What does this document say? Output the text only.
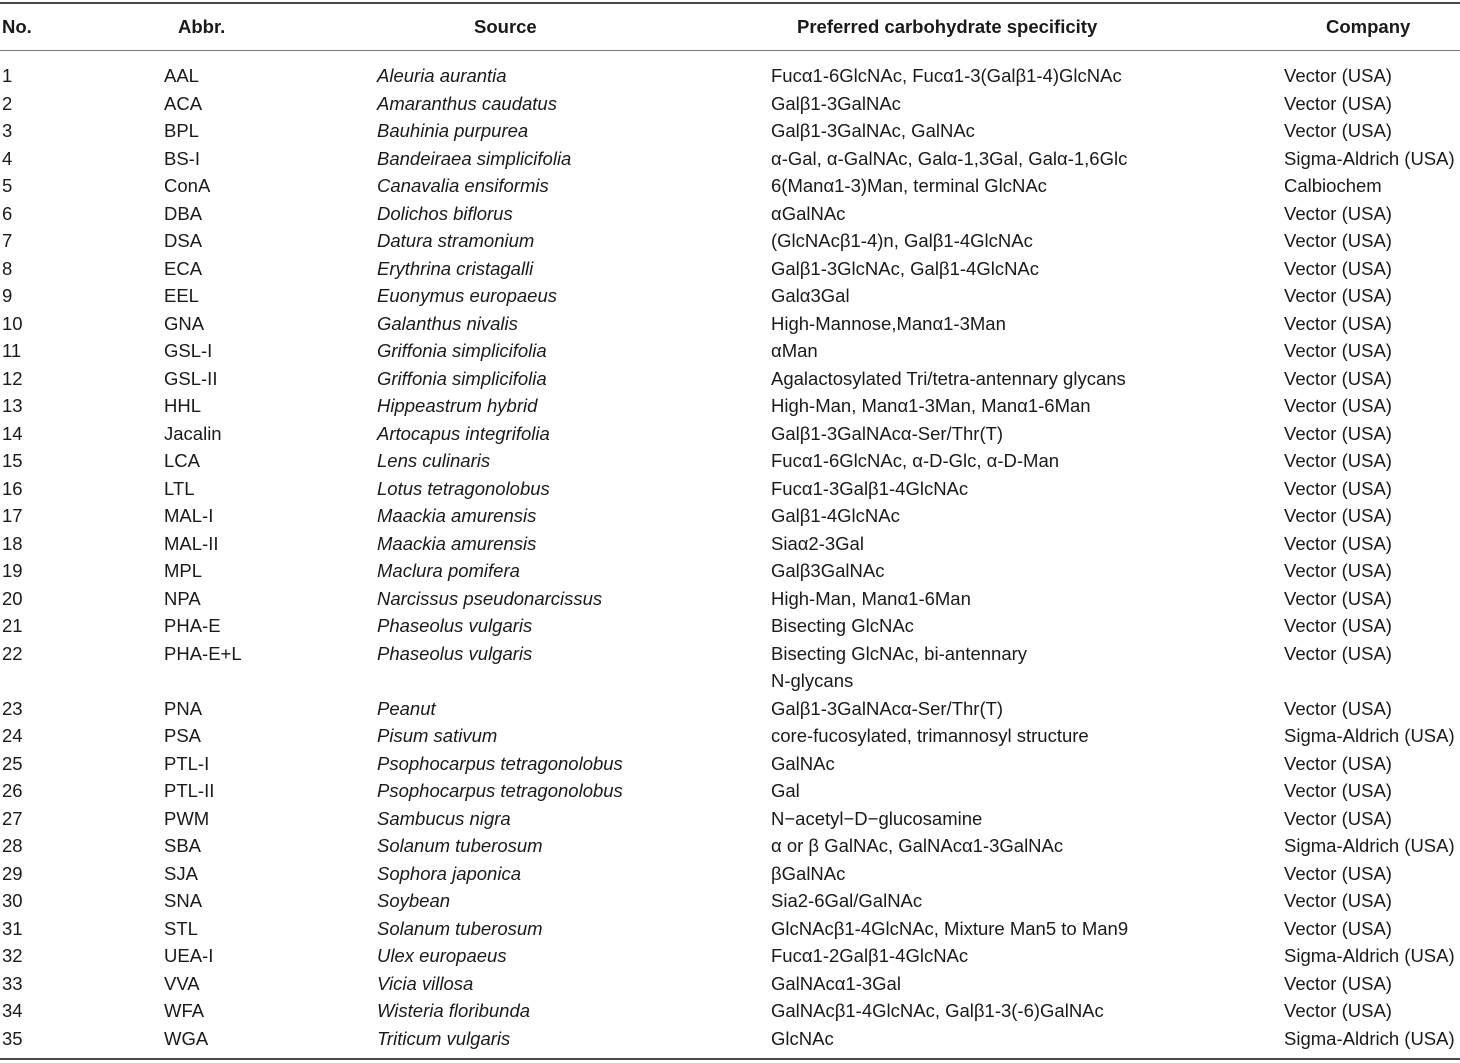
No.	Abbr.	Source	Preferred carbohydrate specificity	Company
1	AAL	Aleuria aurantia	Fucα1-6GlcNAc, Fucα1-3(Galβ1-4)GlcNAc	Vector (USA)
2	ACA	Amaranthus caudatus	Galβ1-3GalNAc	Vector (USA)
3	BPL	Bauhinia purpurea	Galβ1-3GalNAc, GalNAc	Vector (USA)
4	BS-I	Bandeiraea simplicifolia	α-Gal, α-GalNAc, Galα-1,3Gal, Galα-1,6Glc	Sigma-Aldrich (USA)
5	ConA	Canavalia ensiformis	6(Manα1-3)Man, terminal GlcNAc	Calbiochem
6	DBA	Dolichos biflorus	αGalNAc	Vector (USA)
7	DSA	Datura stramonium	(GlcNAcβ1-4)n, Galβ1-4GlcNAc	Vector (USA)
8	ECA	Erythrina cristagalli	Galβ1-3GlcNAc, Galβ1-4GlcNAc	Vector (USA)
9	EEL	Euonymus europaeus	Galα3Gal	Vector (USA)
10	GNA	Galanthus nivalis	High-Mannose,Manα1-3Man	Vector (USA)
11	GSL-I	Griffonia simplicifolia	αMan	Vector (USA)
12	GSL-II	Griffonia simplicifolia	Agalactosylated Tri/tetra-antennary glycans	Vector (USA)
13	HHL	Hippeastrum hybrid	High-Man, Manα1-3Man, Manα1-6Man	Vector (USA)
14	Jacalin	Artocapus integrifolia	Galβ1-3GalNAcα-Ser/Thr(T)	Vector (USA)
15	LCA	Lens culinaris	Fucα1-6GlcNAc, α-D-Glc, α-D-Man	Vector (USA)
16	LTL	Lotus tetragonolobus	Fucα1-3Galβ1-4GlcNAc	Vector (USA)
17	MAL-I	Maackia amurensis	Galβ1-4GlcNAc	Vector (USA)
18	MAL-II	Maackia amurensis	Siaα2-3Gal	Vector (USA)
19	MPL	Maclura pomifera	Galβ3GalNAc	Vector (USA)
20	NPA	Narcissus pseudonarcissus	High-Man, Manα1-6Man	Vector (USA)
21	PHA-E	Phaseolus vulgaris	Bisecting GlcNAc	Vector (USA)
22	PHA-E+L	Phaseolus vulgaris	Bisecting GlcNAc, bi-antennary	Vector (USA)
N-glycans
23	PNA	Peanut	Galβ1-3GalNAcα-Ser/Thr(T)	Vector (USA)
24	PSA	Pisum sativum	core-fucosylated, trimannosyl structure	Sigma-Aldrich (USA)
25	PTL-I	Psophocarpus tetragonolobus	GalNAc	Vector (USA)
26	PTL-II	Psophocarpus tetragonolobus	Gal	Vector (USA)
27	PWM	Sambucus nigra	N−acetyl−D−glucosamine	Vector (USA)
28	SBA	Solanum tuberosum	α or β GalNAc, GalNAcα1-3GalNAc	Sigma-Aldrich (USA)
29	SJA	Sophora japonica	βGalNAc	Vector (USA)
30	SNA	Soybean	Sia2-6Gal/GalNAc	Vector (USA)
31	STL	Solanum tuberosum	GlcNAcβ1-4GlcNAc, Mixture Man5 to Man9	Vector (USA)
32	UEA-I	Ulex europaeus	Fucα1-2Galβ1-4GlcNAc	Sigma-Aldrich (USA)
33	VVA	Vicia villosa	GalNAcα1-3Gal	Vector (USA)
34	WFA	Wisteria floribunda	GalNAcβ1-4GlcNAc, Galβ1-3(-6)GalNAc	Vector (USA)
35	WGA	Triticum vulgaris	GlcNAc	Sigma-Aldrich (USA)
